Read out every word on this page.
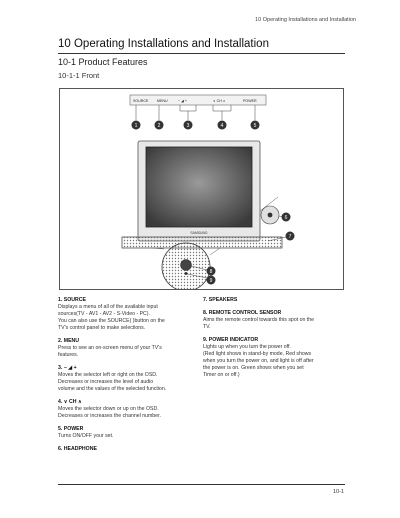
10 Operating Installations and Installation
10 Operating Installations and Installation
10-1 Product Features
10-1-1 Front
SOURCE MENU	− ◢ +	∨ CH ∧	POWER
1	2	3	4	5
SAMSUNG
6
7
8
9
1. SOURCE

Displays a menu of all of the available input

sources(TV - AV1 - AV2 - S-Video - PC).

You can also use the SOURCE( )button on the

TV's control panel to make selections.

2. MENU

Press to see an on-screen menu of your TV's

features.

3. − ◢ +

Moves the selector left or right on the OSD.

Decreases or increases the level of audio

volume and the values of the selected function.

4. ∨ CH ∧

Moves the selector down or up on the OSD.

Decreases or increases the channel number.

5. POWER

Turns ON/OFF your set.

6. HEADPHONE
7. SPEAKERS
8. REMOTE CONTROL SENSOR

Aims the remote control towards this spot on the

TV.

9. POWER INDICATOR

Lights up when you turn the power off.

(Red light shows in stand-by mode, Red shows

when you turn the power on, and light is off after

the power is on. Green shows when you set

Timer on or off.)

10-1
